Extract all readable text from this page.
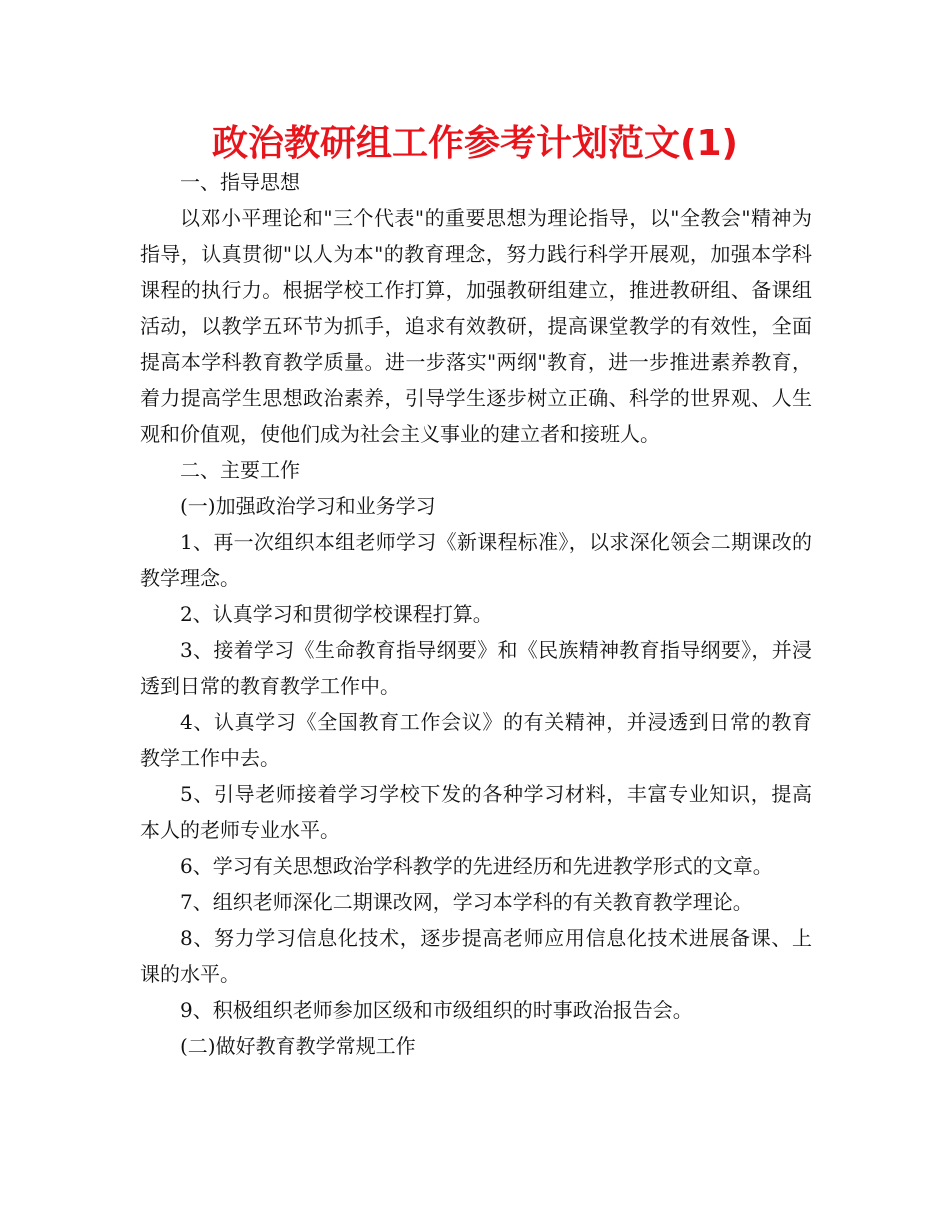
政治教研组工作参考计划范文(1)

一、指导思想

以邓小平理论和"三个代表"的重要思想为理论指导，以"全教会"精神为指导，认真贯彻"以人为本"的教育理念，努力践行科学开展观，加强本学科课程的执行力。根据学校工作打算，加强教研组建立，推进教研组、备课组活动，以教学五环节为抓手，追求有效教研，提高课堂教学的有效性，全面提高本学科教育教学质量。进一步落实"两纲"教育，进一步推进素养教育，着力提高学生思想政治素养，引导学生逐步树立正确、科学的世界观、人生观和价值观，使他们成为社会主义事业的建立者和接班人。

二、主要工作

(一)加强政治学习和业务学习

1、再一次组织本组老师学习《新课程标准》，以求深化领会二期课改的教学理念。

2、认真学习和贯彻学校课程打算。

3、接着学习《生命教育指导纲要》和《民族精神教育指导纲要》，并浸透到日常的教育教学工作中。

4、认真学习《全国教育工作会议》的有关精神，并浸透到日常的教育教学工作中去。

5、引导老师接着学习学校下发的各种学习材料，丰富专业知识，提高本人的老师专业水平。

6、学习有关思想政治学科教学的先进经历和先进教学形式的文章。

7、组织老师深化二期课改网，学习本学科的有关教育教学理论。

8、努力学习信息化技术，逐步提高老师应用信息化技术进展备课、上课的水平。

9、积极组织老师参加区级和市级组织的时事政治报告会。

(二)做好教育教学常规工作
